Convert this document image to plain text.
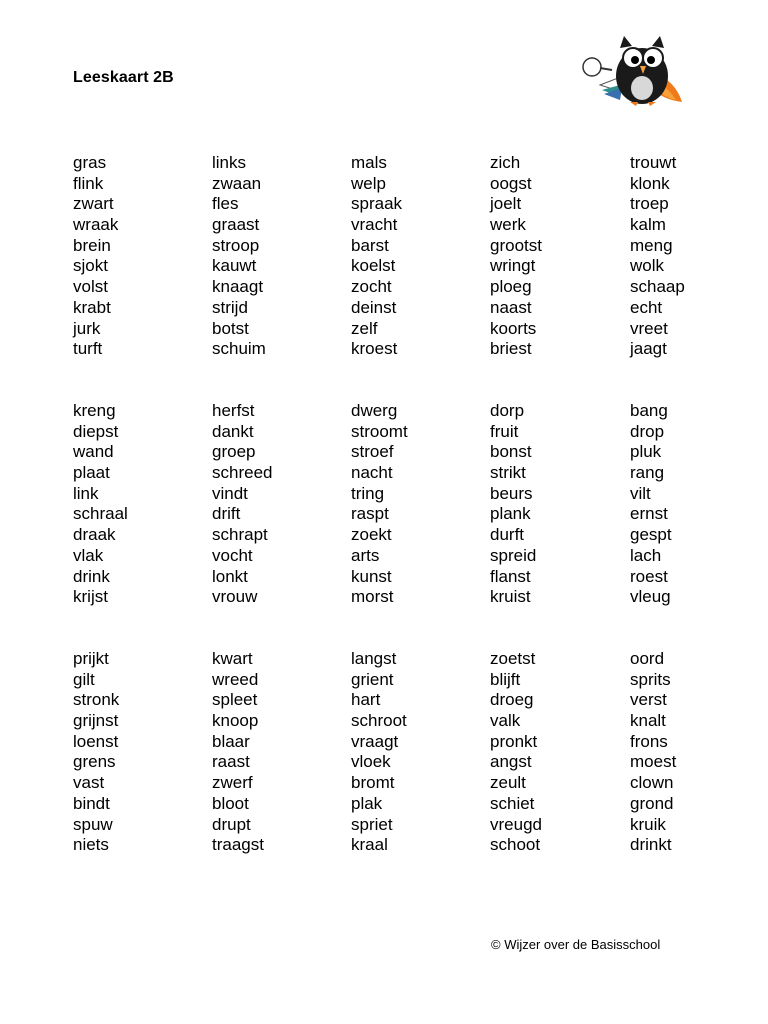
Leeskaart 2B
gras
flink
zwart
wraak
brein
sjokt
volst
krabt
jurk
turft
links
zwaan
fles
graast
stroop
kauwt
knaagt
strijd
botst
schuim
mals
welp
spraak
vracht
barst
koelst
zocht
deinst
zelf
kroest
zich
oogst
joelt
werk
grootst
wringt
ploeg
naast
koorts
briest
trouwt
klonk
troep
kalm
meng
wolk
schaap
echt
vreet
jaagt
kreng
diepst
wand
plaat
link
schraal
draak
vlak
drink
krijst
herfst
dankt
groep
schreed
vindt
drift
schrapt
vocht
lonkt
vrouw
dwerg
stroomt
stroef
nacht
tring
raspt
zoekt
arts
kunst
morst
dorp
fruit
bonst
strikt
beurs
plank
durft
spreid
flanst
kruist
bang
drop
pluk
rang
vilt
ernst
gespt
lach
roest
vleug
prijkt
gilt
stronk
grijnst
loenst
grens
vast
bindt
spuw
niets
kwart
wreed
spleet
knoop
blaar
raast
zwerf
bloot
drupt
traagst
langst
grient
hart
schroot
vraagt
vloek
bromt
plak
spriet
kraal
zoetst
blijft
droeg
valk
pronkt
angst
zeult
schiet
vreugd
schoot
oord
sprits
verst
knalt
frons
moest
clown
grond
kruik
drinkt
© Wijzer over de Basisschool
